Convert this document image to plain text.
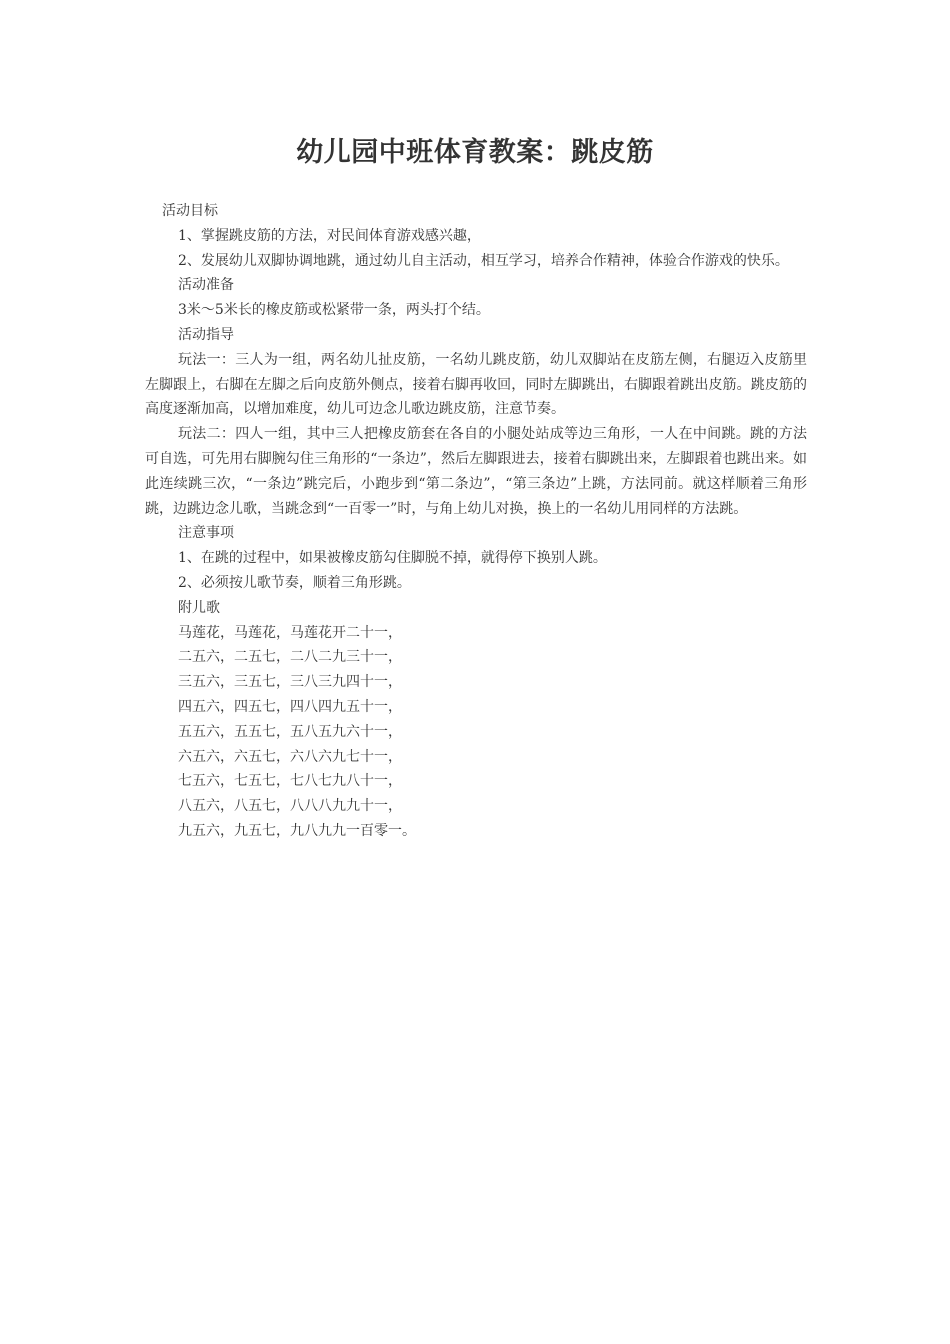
幼儿园中班体育教案：跳皮筋

活动目标

1、掌握跳皮筋的方法，对民间体育游戏感兴趣，

2、发展幼儿双脚协调地跳，通过幼儿自主活动，相互学习，培养合作精神，体验合作游戏的快乐。

活动准备

3米～5米长的橡皮筋或松紧带一条，两头打个结。

活动指导

玩法一：三人为一组，两名幼儿扯皮筋，一名幼儿跳皮筋，幼儿双脚站在皮筋左侧，右腿迈入皮筋里左脚跟上，右脚在左脚之后向皮筋外侧点，接着右脚再收回，同时左脚跳出，右脚跟着跳出皮筋。跳皮筋的高度逐渐加高，以增加难度，幼儿可边念儿歌边跳皮筋，注意节奏。

玩法二：四人一组，其中三人把橡皮筋套在各自的小腿处站成等边三角形，一人在中间跳。跳的方法可自选，可先用右脚腕勾住三角形的“一条边”，然后左脚跟进去，接着右脚跳出来，左脚跟着也跳出来。如此连续跳三次，“一条边”跳完后，小跑步到“第二条边”，“第三条边”上跳，方法同前。就这样顺着三角形跳，边跳边念儿歌，当跳念到“一百零一”时，与角上幼儿对换，换上的一名幼儿用同样的方法跳。

注意事项

1、在跳的过程中，如果被橡皮筋勾住脚脱不掉，就得停下换别人跳。

2、必须按儿歌节奏，顺着三角形跳。

附儿歌

马莲花，马莲花，马莲花开二十一，

二五六，二五七，二八二九三十一，

三五六，三五七，三八三九四十一，

四五六，四五七，四八四九五十一，

五五六，五五七，五八五九六十一，

六五六，六五七，六八六九七十一，

七五六，七五七，七八七九八十一，

八五六，八五七，八八八九九十一，

九五六，九五七，九八九九一百零一。
